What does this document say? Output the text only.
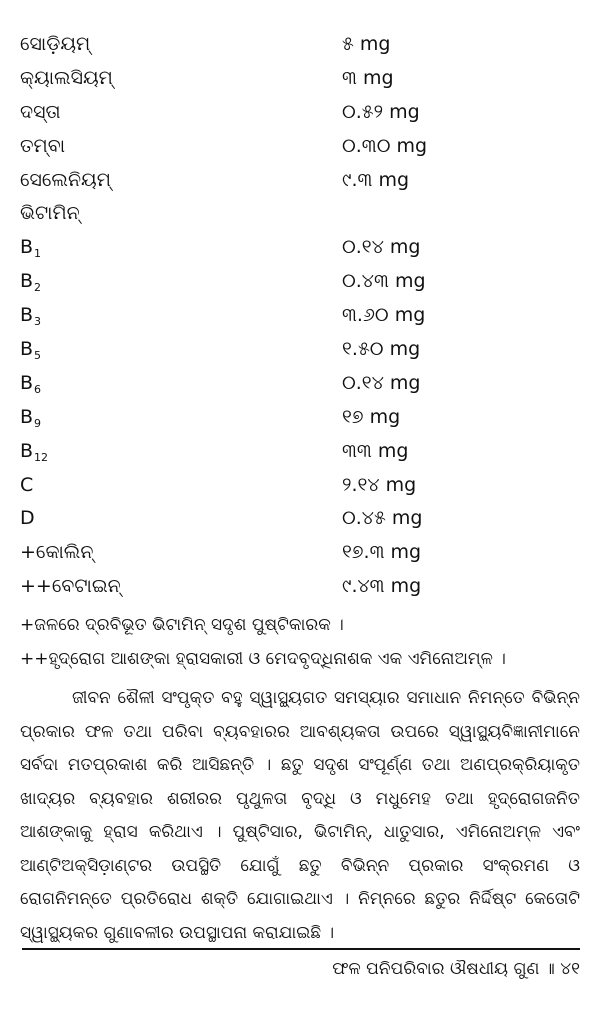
ସୋଡ଼ିୟମ୍	୫ mg
କ୍ୟାଲସିୟମ୍	୩ mg
ଦସ୍ତା	୦.୫୨ mg
ତମ୍ବା	୦.୩୦ mg
ସେଲେନିୟମ୍	୯.୩ mg
ଭିଟାମିନ୍
$B_1$	୦.୧୪ mg
$B_2$	୦.୪୩ mg
$B_3$	୩.୬୦ mg
$B_5$	୧.୫୦ mg
$B_6$	୦.୧୪ mg
$B_9$	୧୭ mg
$B_{12}$	୩୩ mg
C	୨.୧୪ mg
D	୦.୪୫ mg
+କୋଲିନ୍	୧୭.୩ mg
++ବେଟାଇନ୍	୯.୪୩ mg
+ଜଳରେ ଦ୍ରବିଭୂତ ଭିଟାମିନ୍ ସଦୃଶ ପୁଷ୍ଟିକାରକ ।
++ହୃଦ୍‌ରୋଗ ଆଶଙ୍କା ହ୍ରାସକାରୀ ଓ ମେଦବୃଦ୍ଧିନାଶକ ଏକ ଏମିନୋଅମ୍ଳ ।
ଜୀବନ ଶୈଳୀ ସଂପୃକ୍ତ ବହୁ ସ୍ୱାସ୍ଥ୍ୟଗତ ସମସ୍ୟାର ସମାଧାନ ନିମନ୍ତେ ବିଭିନ୍ନ ପ୍ରକାର ଫଳ ତଥା ପରିବା ବ୍ୟବହାରର ଆବଶ୍ୟକତା ଉପରେ ସ୍ୱାସ୍ଥ୍ୟବିଜ୍ଞାନୀମାନେ ସର୍ବଦା ମତପ୍ରକାଶ କରି ଆସିଛନ୍ତି । ଛତୁ ସଦୃଶ ସଂପୂର୍ଣ୍ଣ ତଥା ଅଣପ୍ରକ୍ରିୟାକୃତ ଖାଦ୍ୟର ବ୍ୟବହାର ଶରୀରର ପୃଥୁଳତା ବୃଦ୍ଧି ଓ ମଧୁମେହ ତଥା ହୃଦ୍‌ରୋଗଜନିତ ଆଶଙ୍କାକୁ ହ୍ରାସ କରିଥାଏ । ପୁଷ୍ଟିସାର, ଭିଟାମିନ୍, ଧାତୁସାର, ଏମିନୋଅମ୍ଳ ଏବଂ ଆଣ୍ଟିଅକ୍‌ସିଡ଼ାଣ୍ଟର ଉପସ୍ଥିତି ଯୋଗୁଁ ଛତୁ ବିଭିନ୍ନ ପ୍ରକାର ସଂକ୍ରମଣ ଓ ରୋଗନିମନ୍ତେ ପ୍ରତିରୋଧ ଶକ୍ତି ଯୋଗାଇଥାଏ । ନିମ୍ନରେ ଛତୁର ନିର୍ଦ୍ଦିଷ୍ଟ କେତୋଟି ସ୍ୱାସ୍ଥ୍ୟକର ଗୁଣାବଳୀର ଉପସ୍ଥାପନା କରାଯାଇଛି ।
ଫଳ ପନିପରିବାର ଔଷଧୀୟ ଗୁଣ ॥ ୪୧
